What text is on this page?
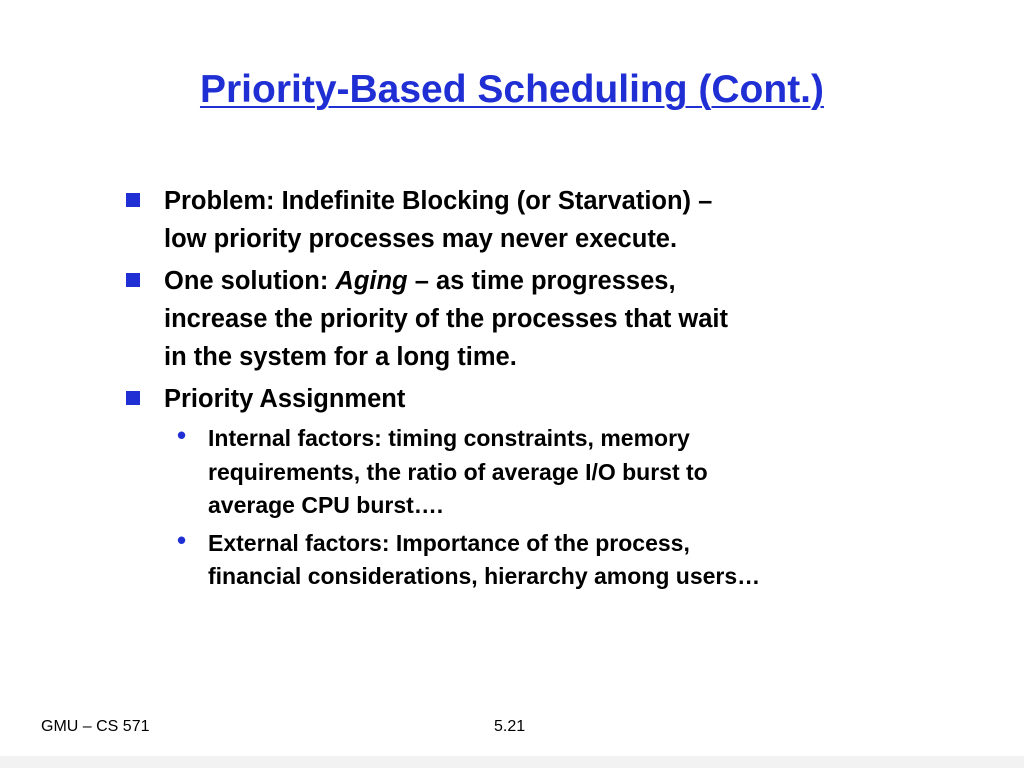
Priority-Based Scheduling (Cont.)
Problem: Indefinite Blocking (or Starvation) –
low priority processes may never execute.
One solution: Aging – as time progresses,
increase the priority of the processes that wait
in the system for a long time.
Priority Assignment
• Internal factors: timing constraints, memory
requirements, the ratio of average I/O burst to
average CPU burst….
• External factors: Importance of the process,
financial considerations, hierarchy among users…
GMU – CS 571	5.21
